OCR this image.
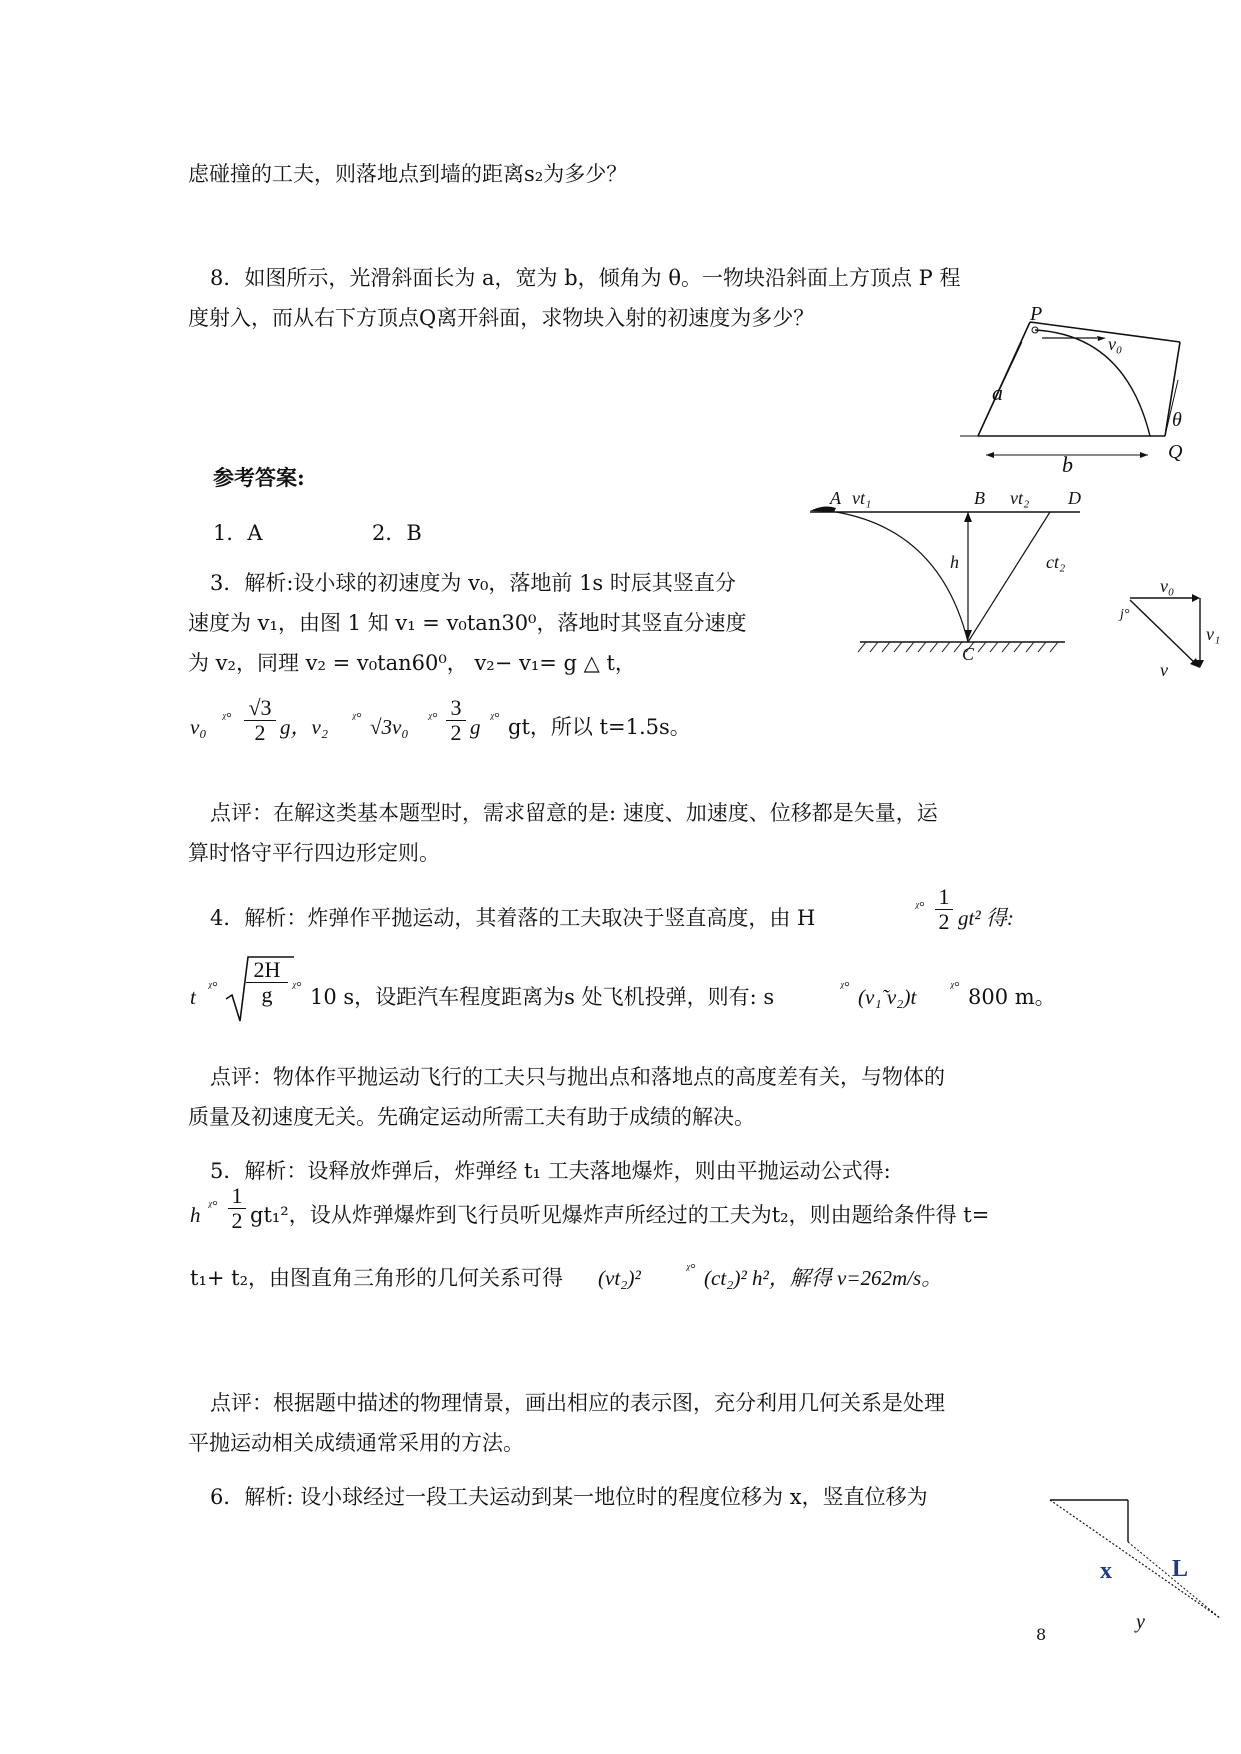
虑碰撞的工夫，则落地点到墙的距离s₂为多少？
8．如图所示，光滑斜面长为 a，宽为 b，倾角为 θ。一物块沿斜面上方顶点 P 程
度射入，而从右下方顶点Q离开斜面，求物块入射的初速度为多少？
参考答案:
1．A	2．B
3．解析:设小球的初速度为 v₀，落地前 1s 时辰其竖直分
速度为 v₁，由图 1 知 v₁ = v₀tan30⁰，落地时其竖直分速度
为 v₂，同理 v₂ = v₀tan60⁰， v₂− v₁= g △ t，
v₀ ᵡ° √3
2 g，v₂ ᵡ° √3v₀ ᵡ° 3
2 g ᵡ° gt，所以 t=1.5s。
点评：在解这类基本题型时，需求留意的是: 速度、加速度、位移都是矢量，运
算时恪守平行四边形定则。
4．解析：炸弹作平抛运动，其着落的工夫取决于竖直高度，由 H	ᵡ° 1
2 gt² 得:
t ᵡ°
2H
g	ᵡ° 10 s，设距汽车程度距离为s 处飞机投弹，则有: s	ᵡ° (v₁̃ v₂)t ᵡ° 800 m。
点评：物体作平抛运动飞行的工夫只与抛出点和落地点的高度差有关，与物体的
质量及初速度无关。先确定运动所需工夫有助于成绩的解决。
5．解析：设释放炸弹后，炸弹经 t₁ 工夫落地爆炸，则由平抛运动公式得:
h ᵡ° 1
2 gt₁²，设从炸弹爆炸到飞行员听见爆炸声所经过的工夫为t₂，则由题给条件得 t=
t₁+ t₂，由图直角三角形的几何关系可得 (vt₂)²	ᵡ° (ct₂)² h²，解得 v=262m/s。
点评：根据题中描述的物理情景，画出相应的表示图，充分利用几何关系是处理
平抛运动相关成绩通常采用的方法。
6．解析: 设小球经过一段工夫运动到某一地位时的程度位移为 x，竖直位移为
8
P
v₀
a
b
θ
Q
A vt₁	B vt₂ D
h	ct₂
C
v₀
j°
v₁
v
x	L
y
